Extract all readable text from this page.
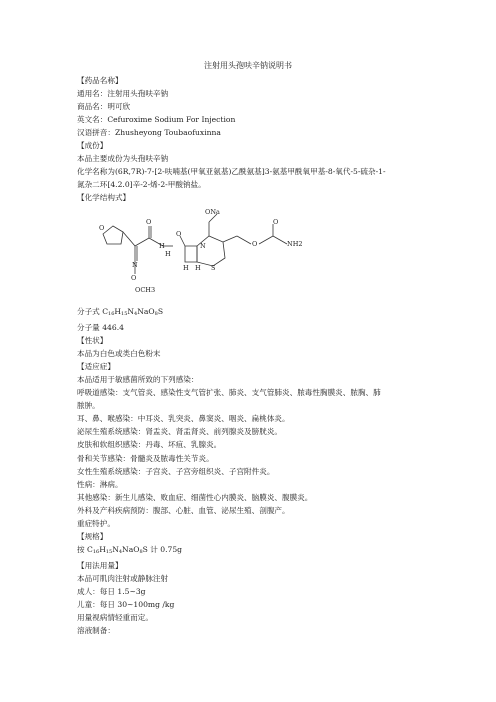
注射用头孢呋辛钠说明书
【药品名称】
通用名：注射用头孢呋辛钠
商品名：明可欣
英文名：Cefuroxime Sodium For Injection
汉语拼音：Zhusheyong Toubaofuxinna
【成份】
本品主要成份为头孢呋辛钠
化学名称为(6R,7R)-7-[2-呋喃基(甲氧亚氨基)乙酰氨基]3-氨基甲酰氧甲基-8-氧代-5-硫杂-1-
氮杂二环[4.2.0]辛-2-烯-2-甲酸钠盐。
【化学结构式】
O
ONa
O	O
NH2
O
H H
N
S
O
N
OCH3
H
H
O
分子式 $C_{16}H_{15}N_4NaO_8S$
分子量 446.4
【性状】
本品为白色或类白色粉末
【适应症】
本品适用于敏感菌所致的下列感染：
呼吸道感染：支气管炎、感染性支气管扩张、肺炎、支气管肺炎、脓毒性胸膜炎、脓胸、肺
脓肿。
耳、鼻、喉感染：中耳炎、乳突炎、鼻窦炎、咽炎、扁桃体炎。
泌尿生殖系统感染：肾盂炎、肾盂肾炎、前列腺炎及膀胱炎。
皮肤和软组织感染：丹毒、坏疽、乳腺炎。
骨和关节感染：骨髓炎及脓毒性关节炎。
女性生殖系统感染：子宫炎、子宫旁组织炎、子宫附件炎。
性病：淋病。
其他感染：新生儿感染、败血症、细菌性心内膜炎、脑膜炎、腹膜炎。
外科及产科疾病预防：腹部、心脏、血管、泌尿生殖、剖腹产。
重症特护。
【规格】
按 $C_{16}H_{15}N_4NaO_8S$ 计 0.75g
【用法用量】
本品可肌肉注射或静脉注射
成人：每日 1.5~3g
儿童：每日 30~100mg /kg
用量视病情轻重而定。
溶液制备：
